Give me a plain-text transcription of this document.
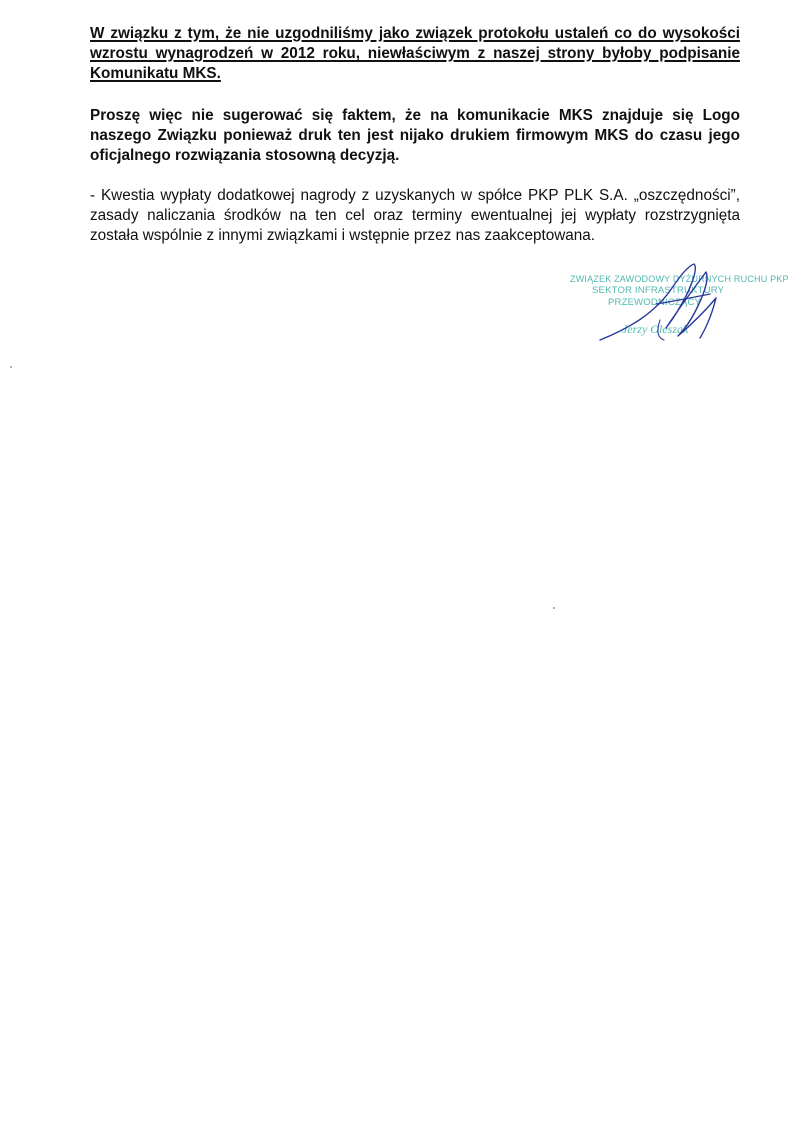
W związku z tym, że nie uzgodniliśmy jako związek protokołu ustaleń co do wysokości wzrostu wynagrodzeń w 2012 roku, niewłaściwym z naszej strony byłoby podpisanie Komunikatu MKS.

Proszę więc nie sugerować się faktem, że na komunikacie MKS znajduje się Logo naszego Związku ponieważ druk ten jest nijako drukiem firmowym MKS do czasu jego oficjalnego rozwiązania stosowną decyzją.

- Kwestia wypłaty dodatkowej nagrody z uzyskanych w spółce PKP PLK S.A. „oszczędności”, zasady naliczania środków na ten cel oraz terminy ewentualnej jej wypłaty rozstrzygnięta została wspólnie z innymi związkami i wstępnie przez nas zaakceptowana.

ZWIĄZEK ZAWODOWY DYŻURNYCH RUCHU PKP
SEKTOR INFRASTRUKTURY
PRZEWODNICZĄCY
Jerzy Oleszak
